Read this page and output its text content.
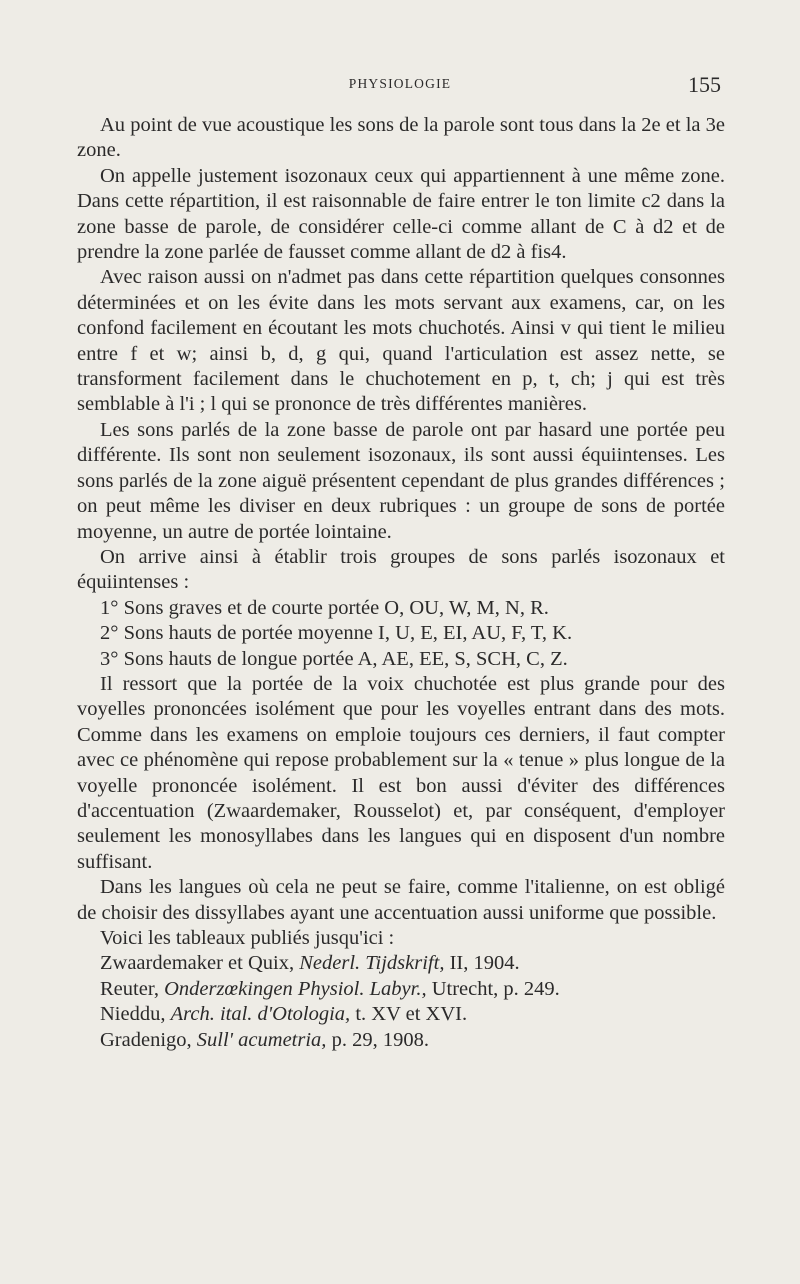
PHYSIOLOGIE	155

Au point de vue acoustique les sons de la parole sont tous dans la 2e et la 3e zone.

On appelle justement isozonaux ceux qui appartiennent à une même zone. Dans cette répartition, il est raisonnable de faire entrer le ton limite c2 dans la zone basse de parole, de considérer celle-ci comme allant de C à d2 et de prendre la zone parlée de fausset comme allant de d2 à fis4.

Avec raison aussi on n'admet pas dans cette répartition quelques consonnes déterminées et on les évite dans les mots servant aux examens, car, on les confond facilement en écoutant les mots chuchotés. Ainsi v qui tient le milieu entre f et w; ainsi b, d, g qui, quand l'articulation est assez nette, se transforment facilement dans le chuchotement en p, t, ch; j qui est très semblable à l'i ; l qui se prononce de très différentes manières.

Les sons parlés de la zone basse de parole ont par hasard une portée peu différente. Ils sont non seulement isozonaux, ils sont aussi équiintenses. Les sons parlés de la zone aiguë présentent cependant de plus grandes différences ; on peut même les diviser en deux rubriques : un groupe de sons de portée moyenne, un autre de portée lointaine.

On arrive ainsi à établir trois groupes de sons parlés isozonaux et équiintenses :

1° Sons graves et de courte portée O, OU, W, M, N, R.

2° Sons hauts de portée moyenne I, U, E, EI, AU, F, T, K.

3° Sons hauts de longue portée A, AE, EE, S, SCH, C, Z.

Il ressort que la portée de la voix chuchotée est plus grande pour des voyelles prononcées isolément que pour les voyelles entrant dans des mots. Comme dans les examens on emploie toujours ces derniers, il faut compter avec ce phénomène qui repose probablement sur la « tenue » plus longue de la voyelle prononcée isolément. Il est bon aussi d'éviter des différences d'accentuation (Zwaardemaker, Rousselot) et, par conséquent, d'employer seulement les monosyllabes dans les langues qui en disposent d'un nombre suffisant.

Dans les langues où cela ne peut se faire, comme l'italienne, on est obligé de choisir des dissyllabes ayant une accentuation aussi uniforme que possible.

Voici les tableaux publiés jusqu'ici :

Zwaardemaker et Quix, Nederl. Tijdskrift, II, 1904.
Reuter, Onderzœkingen Physiol. Labyr., Utrecht, p. 249.
Nieddu, Arch. ital. d'Otologia, t. XV et XVI.
Gradenigo, Sull' acumetria, p. 29, 1908.
